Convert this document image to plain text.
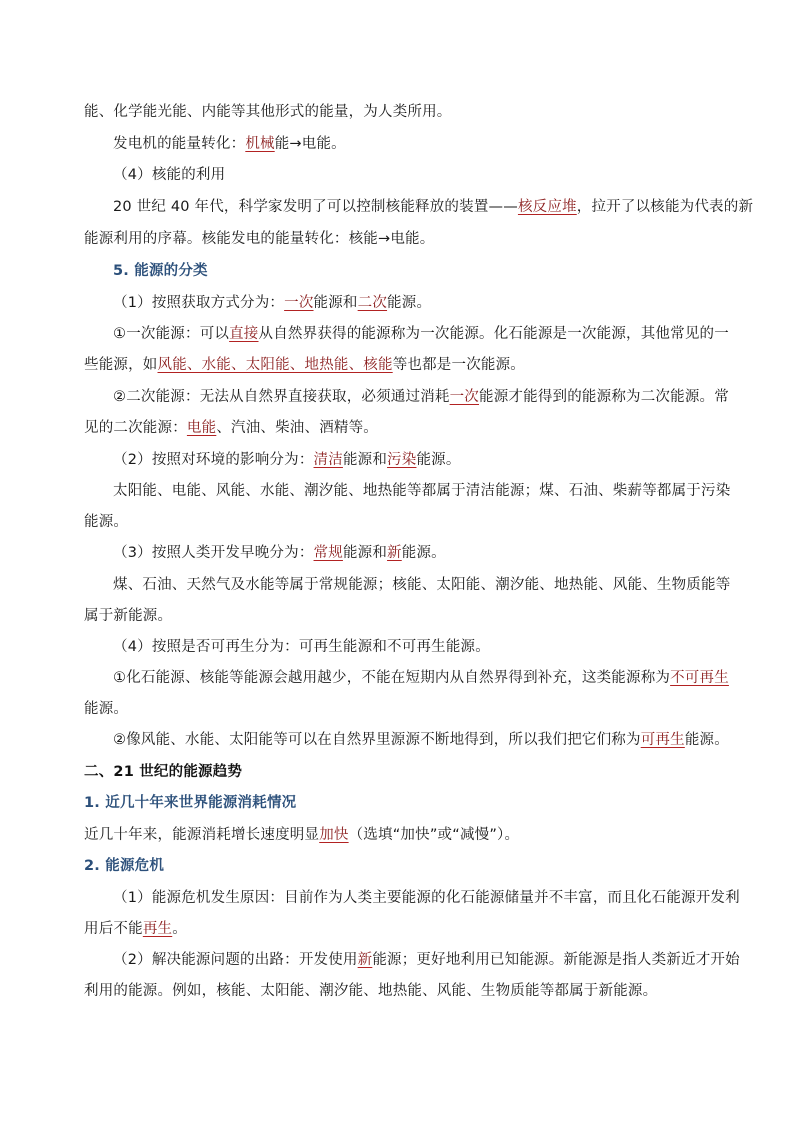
能、化学能光能、内能等其他形式的能量，为人类所用。
发电机的能量转化：机械能→电能。
（4）核能的利用
20 世纪 40 年代，科学家发明了可以控制核能释放的装置——核反应堆，拉开了以核能为代表的新
能源利用的序幕。核能发电的能量转化：核能→电能。
5. 能源的分类
（1）按照获取方式分为：一次能源和二次能源。
①一次能源：可以直接从自然界获得的能源称为一次能源。化石能源是一次能源，其他常见的一
些能源，如风能、水能、太阳能、地热能、核能等也都是一次能源。
②二次能源：无法从自然界直接获取，必须通过消耗一次能源才能得到的能源称为二次能源。常
见的二次能源：电能、汽油、柴油、酒精等。
（2）按照对环境的影响分为：清洁能源和污染能源。
太阳能、电能、风能、水能、潮汐能、地热能等都属于清洁能源；煤、石油、柴薪等都属于污染
能源。
（3）按照人类开发早晚分为：常规能源和新能源。
煤、石油、天然气及水能等属于常规能源；核能、太阳能、潮汐能、地热能、风能、生物质能等
属于新能源。
（4）按照是否可再生分为：可再生能源和不可再生能源。
①化石能源、核能等能源会越用越少，不能在短期内从自然界得到补充，这类能源称为不可再生
能源。
②像风能、水能、太阳能等可以在自然界里源源不断地得到，所以我们把它们称为可再生能源。
二、21 世纪的能源趋势
1. 近几十年来世界能源消耗情况
近几十年来，能源消耗增长速度明显加快（选填“加快”或“减慢”）。
2. 能源危机
（1）能源危机发生原因：目前作为人类主要能源的化石能源储量并不丰富，而且化石能源开发利
用后不能再生。
（2）解决能源问题的出路：开发使用新能源；更好地利用已知能源。新能源是指人类新近才开始
利用的能源。例如，核能、太阳能、潮汐能、地热能、风能、生物质能等都属于新能源。
